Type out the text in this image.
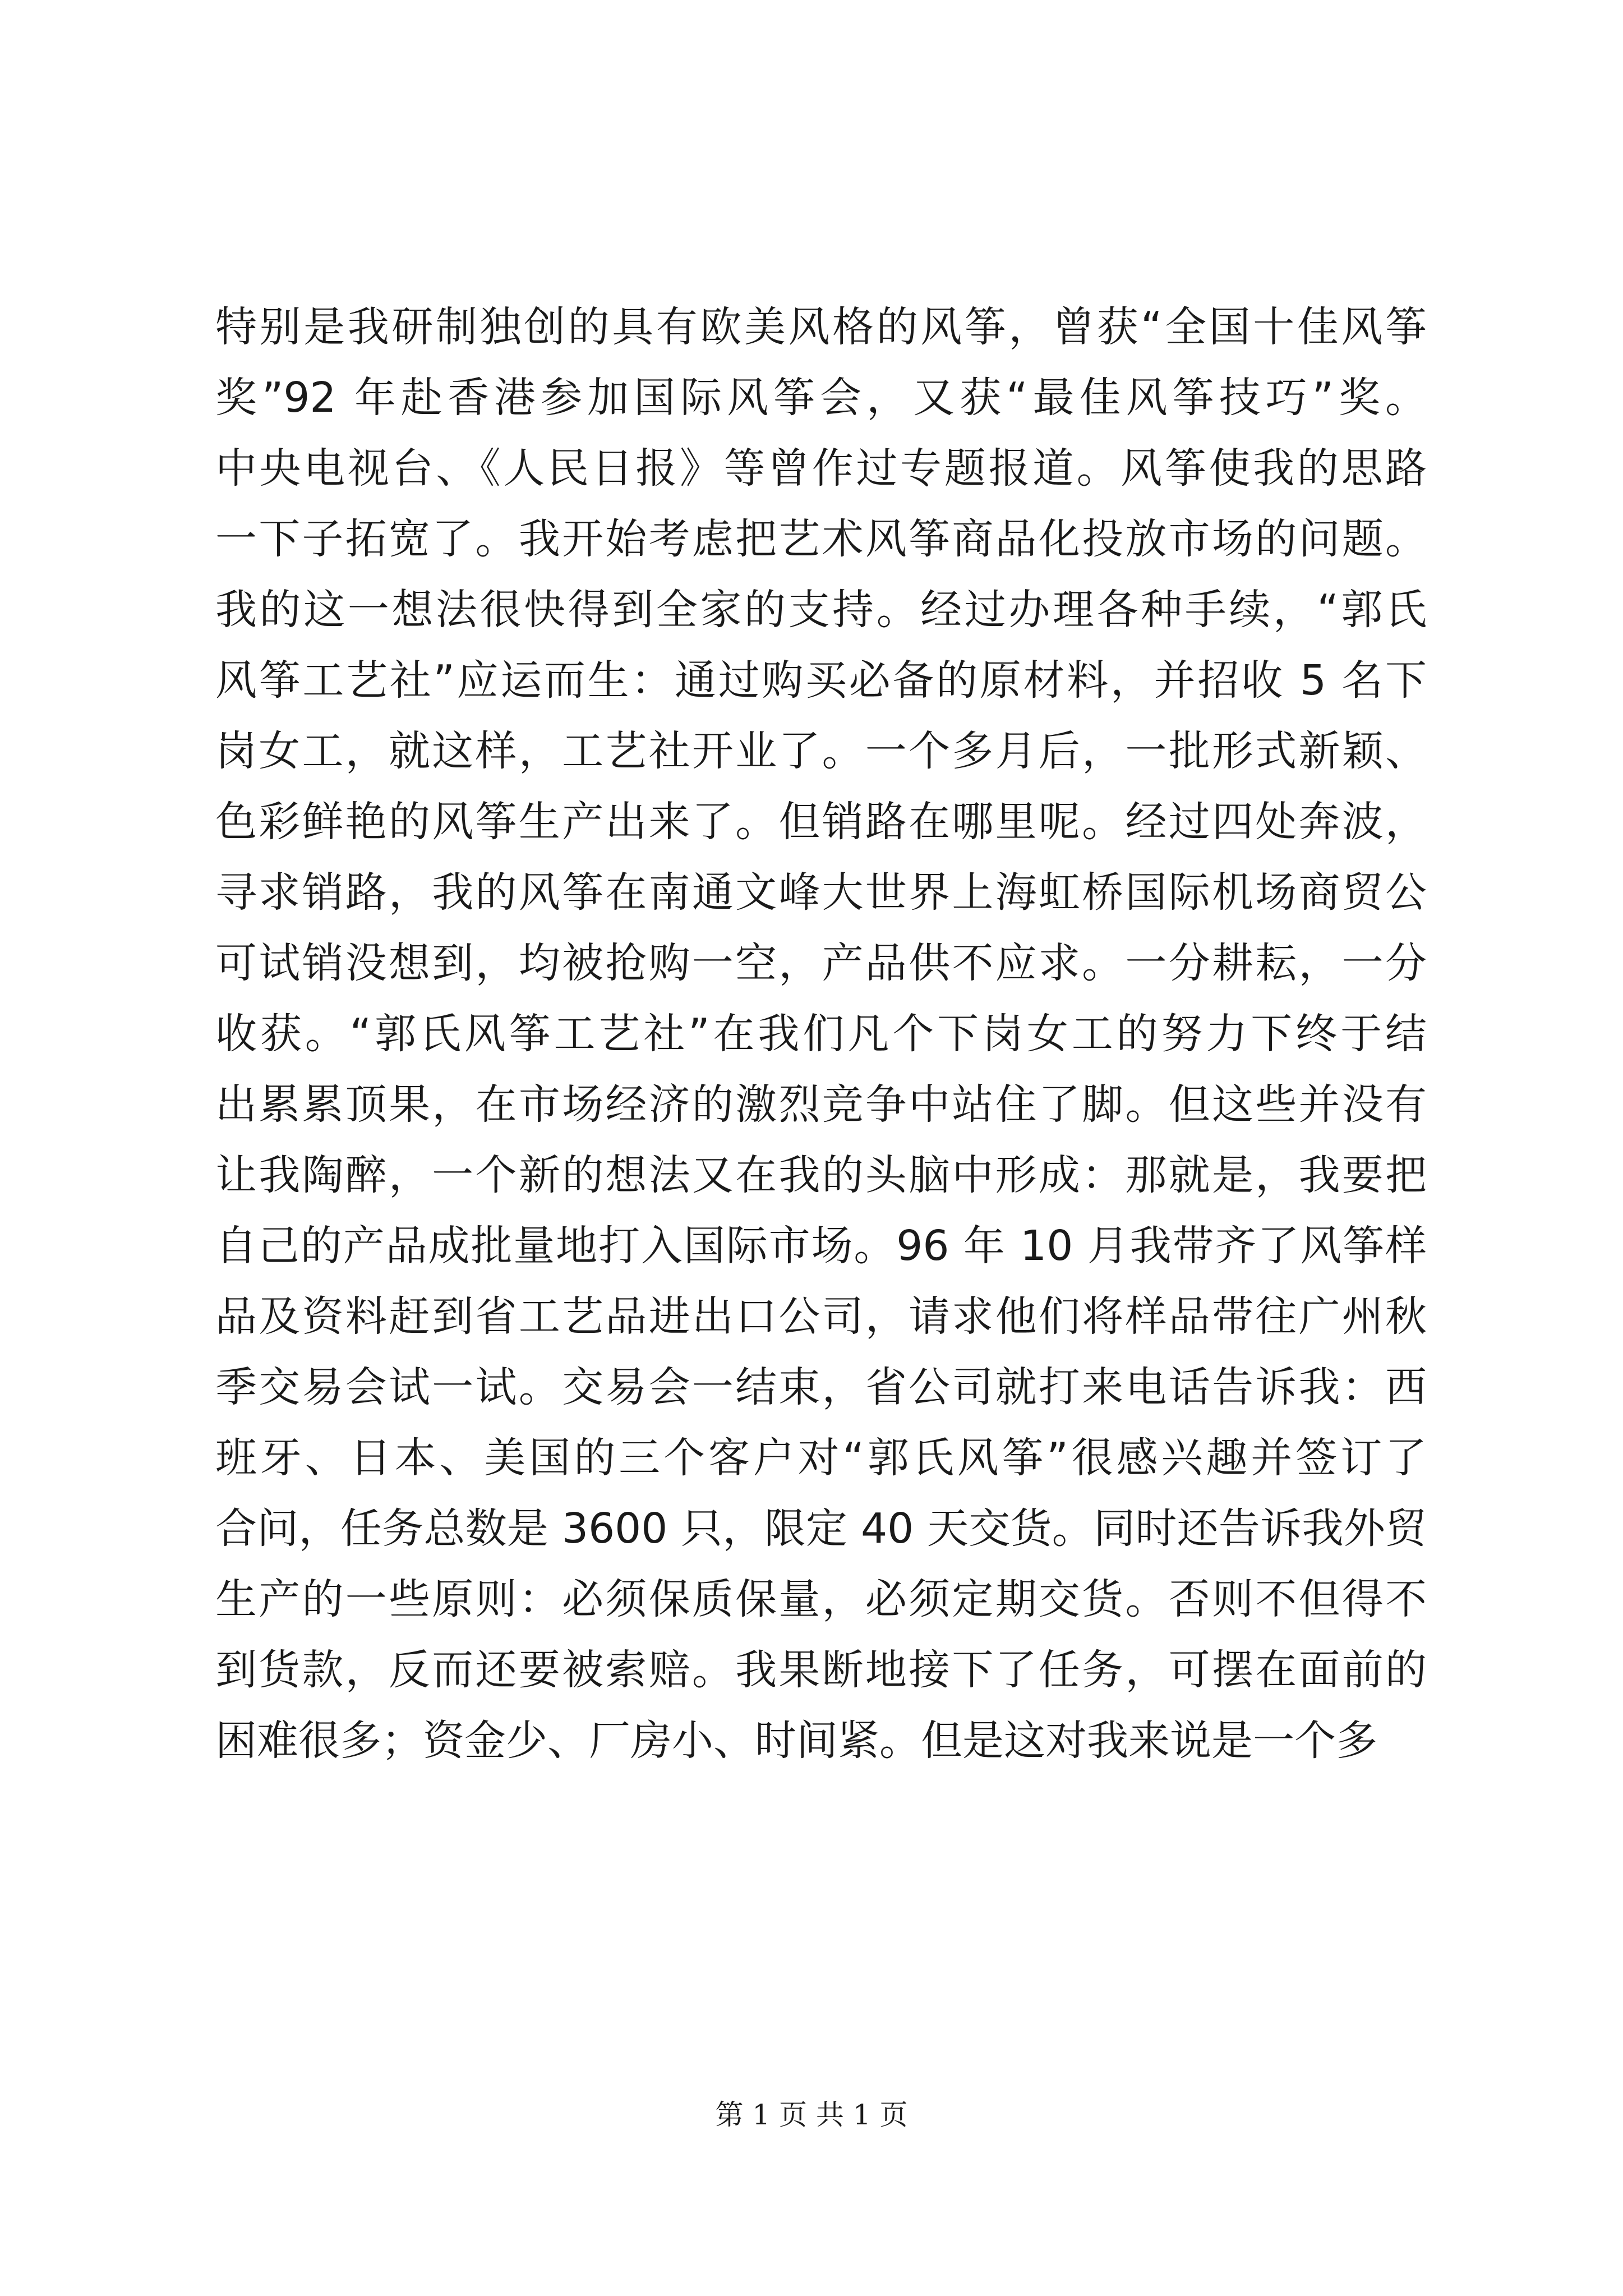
特别是我研制独创的具有欧美风格的风筝，曾获“全国十佳风筝
奖”92 年赴香港参加国际风筝会，又获“最佳风筝技巧”奖。
中央电视台、《人民日报》等曾作过专题报道。风筝使我的思路
一下子拓宽了。我开始考虑把艺术风筝商品化投放市场的问题。
我的这一想法很快得到全家的支持。经过办理各种手续，“郭氏
风筝工艺社”应运而生：通过购买必备的原材料，并招收 5 名下
岗女工，就这样，工艺社开业了。一个多月后，一批形式新颖、
色彩鲜艳的风筝生产出来了。但销路在哪里呢。经过四处奔波，
寻求销路，我的风筝在南通文峰大世界上海虹桥国际机场商贸公
可试销没想到，均被抢购一空，产品供不应求。一分耕耘，一分
收获。“郭氏风筝工艺社”在我们凡个下岗女工的努力下终于结
出累累顶果，在市场经济的激烈竞争中站住了脚。但这些并没有
让我陶醉，一个新的想法又在我的头脑中形成：那就是，我要把
自己的产品成批量地打入国际市场。96 年 10 月我带齐了风筝样
品及资料赶到省工艺品进出口公司，请求他们将样品带往广州秋
季交易会试一试。交易会一结束，省公司就打来电话告诉我：西
班牙、日本、美国的三个客户对“郭氏风筝”很感兴趣并签订了
合问，任务总数是 3600 只，限定 40 天交货。同时还告诉我外贸
生产的一些原则：必须保质保量，必须定期交货。否则不但得不
到货款，反而还要被索赔。我果断地接下了任务，可摆在面前的
困难很多；资金少、厂房小、时间紧。但是这对我来说是一个多
第 1 页 共 1 页
